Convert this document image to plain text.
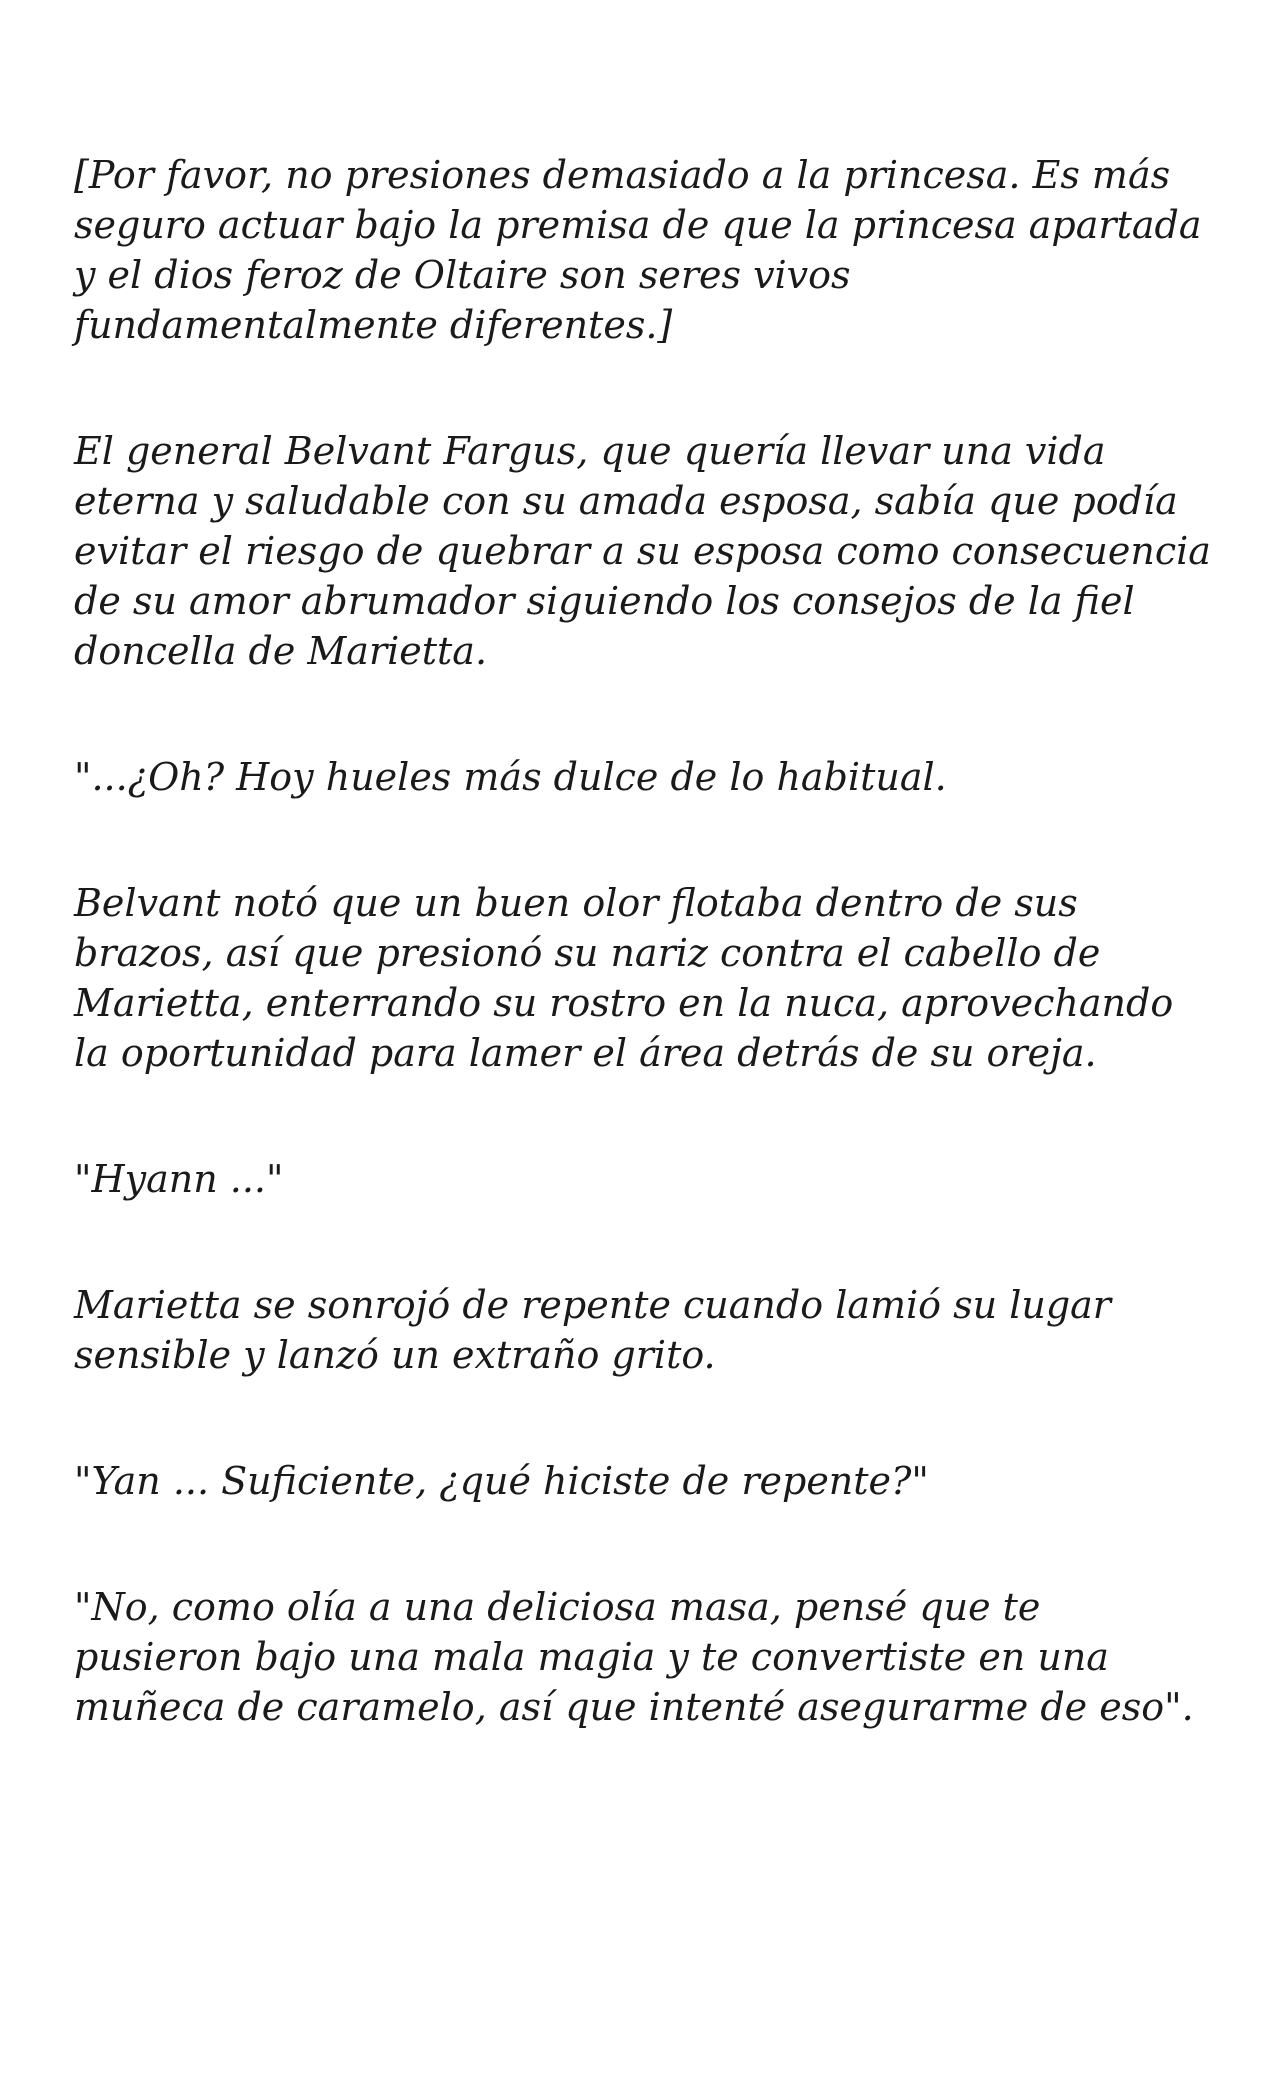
[Por favor, no presiones demasiado a la princesa. Es más seguro actuar bajo la premisa de que la princesa apartada y el dios feroz de Oltaire son seres vivos fundamentalmente diferentes.]

El general Belvant Fargus, que quería llevar una vida eterna y saludable con su amada esposa, sabía que podía evitar el riesgo de quebrar a su esposa como consecuencia de su amor abrumador siguiendo los consejos de la fiel doncella de Marietta.

"...¿Oh? Hoy hueles más dulce de lo habitual.

Belvant notó que un buen olor flotaba dentro de sus brazos, así que presionó su nariz contra el cabello de Marietta, enterrando su rostro en la nuca, aprovechando la oportunidad para lamer el área detrás de su oreja.

"Hyann ..."

Marietta se sonrojó de repente cuando lamió su lugar sensible y lanzó un extraño grito.

"Yan ... Suficiente, ¿qué hiciste de repente?"

"No, como olía a una deliciosa masa, pensé que te pusieron bajo una mala magia y te convertiste en una muñeca de caramelo, así que intenté asegurarme de eso".
